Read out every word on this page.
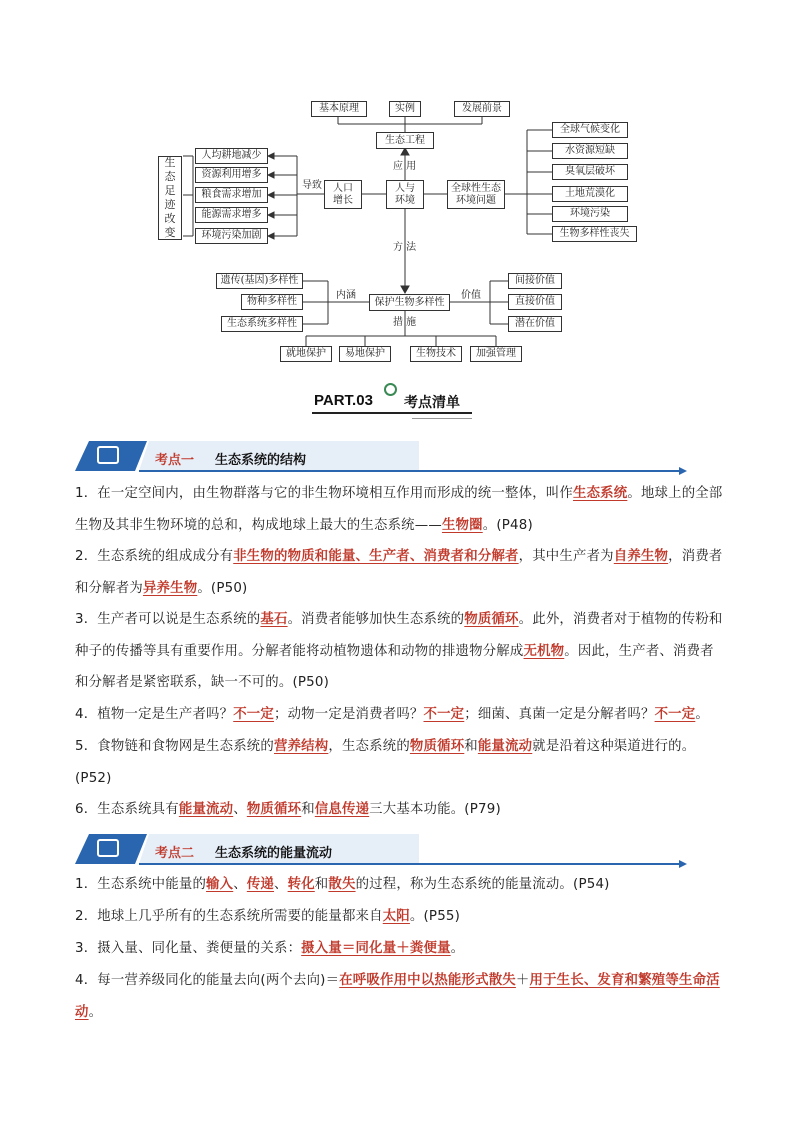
基本原理	实例	发展前景
生态工程
应 用
人与
环境
人口
增长
导致
人均耕地减少
资源利用增多
粮食需求增加
能源需求增多
环境污染加剧
生态足迹改变
全球性生态
环境问题
全球气候变化
水资源短缺
臭氧层破坏
土地荒漠化
环境污染
生物多样性丧失
方 法
保护生物多样性
内涵	价值
措 施
遗传(基因)多样性
物种多样性
生态系统多样性
间接价值
直接价值
潜在价值
就地保护	易地保护	生物技术	加强管理
PART.03 考点清单
考点一 生态系统的结构
1．在一定空间内，由生物群落与它的非生物环境相互作用而形成的统一整体，叫作生态系统。地球上的全部生物及其非生物环境的总和，构成地球上最大的生态系统——生物圈。(P48)
2．生态系统的组成成分有非生物的物质和能量、生产者、消费者和分解者，其中生产者为自养生物，消费者和分解者为异养生物。(P50)
3．生产者可以说是生态系统的基石。消费者能够加快生态系统的物质循环。此外，消费者对于植物的传粉和种子的传播等具有重要作用。分解者能将动植物遗体和动物的排遗物分解成无机物。因此，生产者、消费者和分解者是紧密联系，缺一不可的。(P50)
4．植物一定是生产者吗？不一定；动物一定是消费者吗？不一定；细菌、真菌一定是分解者吗？不一定。
5．食物链和食物网是生态系统的营养结构，生态系统的物质循环和能量流动就是沿着这种渠道进行的。(P52)
6．生态系统具有能量流动、物质循环和信息传递三大基本功能。(P79)
考点二 生态系统的能量流动
1．生态系统中能量的输入、传递、转化和散失的过程，称为生态系统的能量流动。(P54)
2．地球上几乎所有的生态系统所需要的能量都来自太阳。(P55)
3．摄入量、同化量、粪便量的关系：摄入量＝同化量＋粪便量。
4．每一营养级同化的能量去向(两个去向)＝在呼吸作用中以热能形式散失＋用于生长、发育和繁殖等生命活动。
